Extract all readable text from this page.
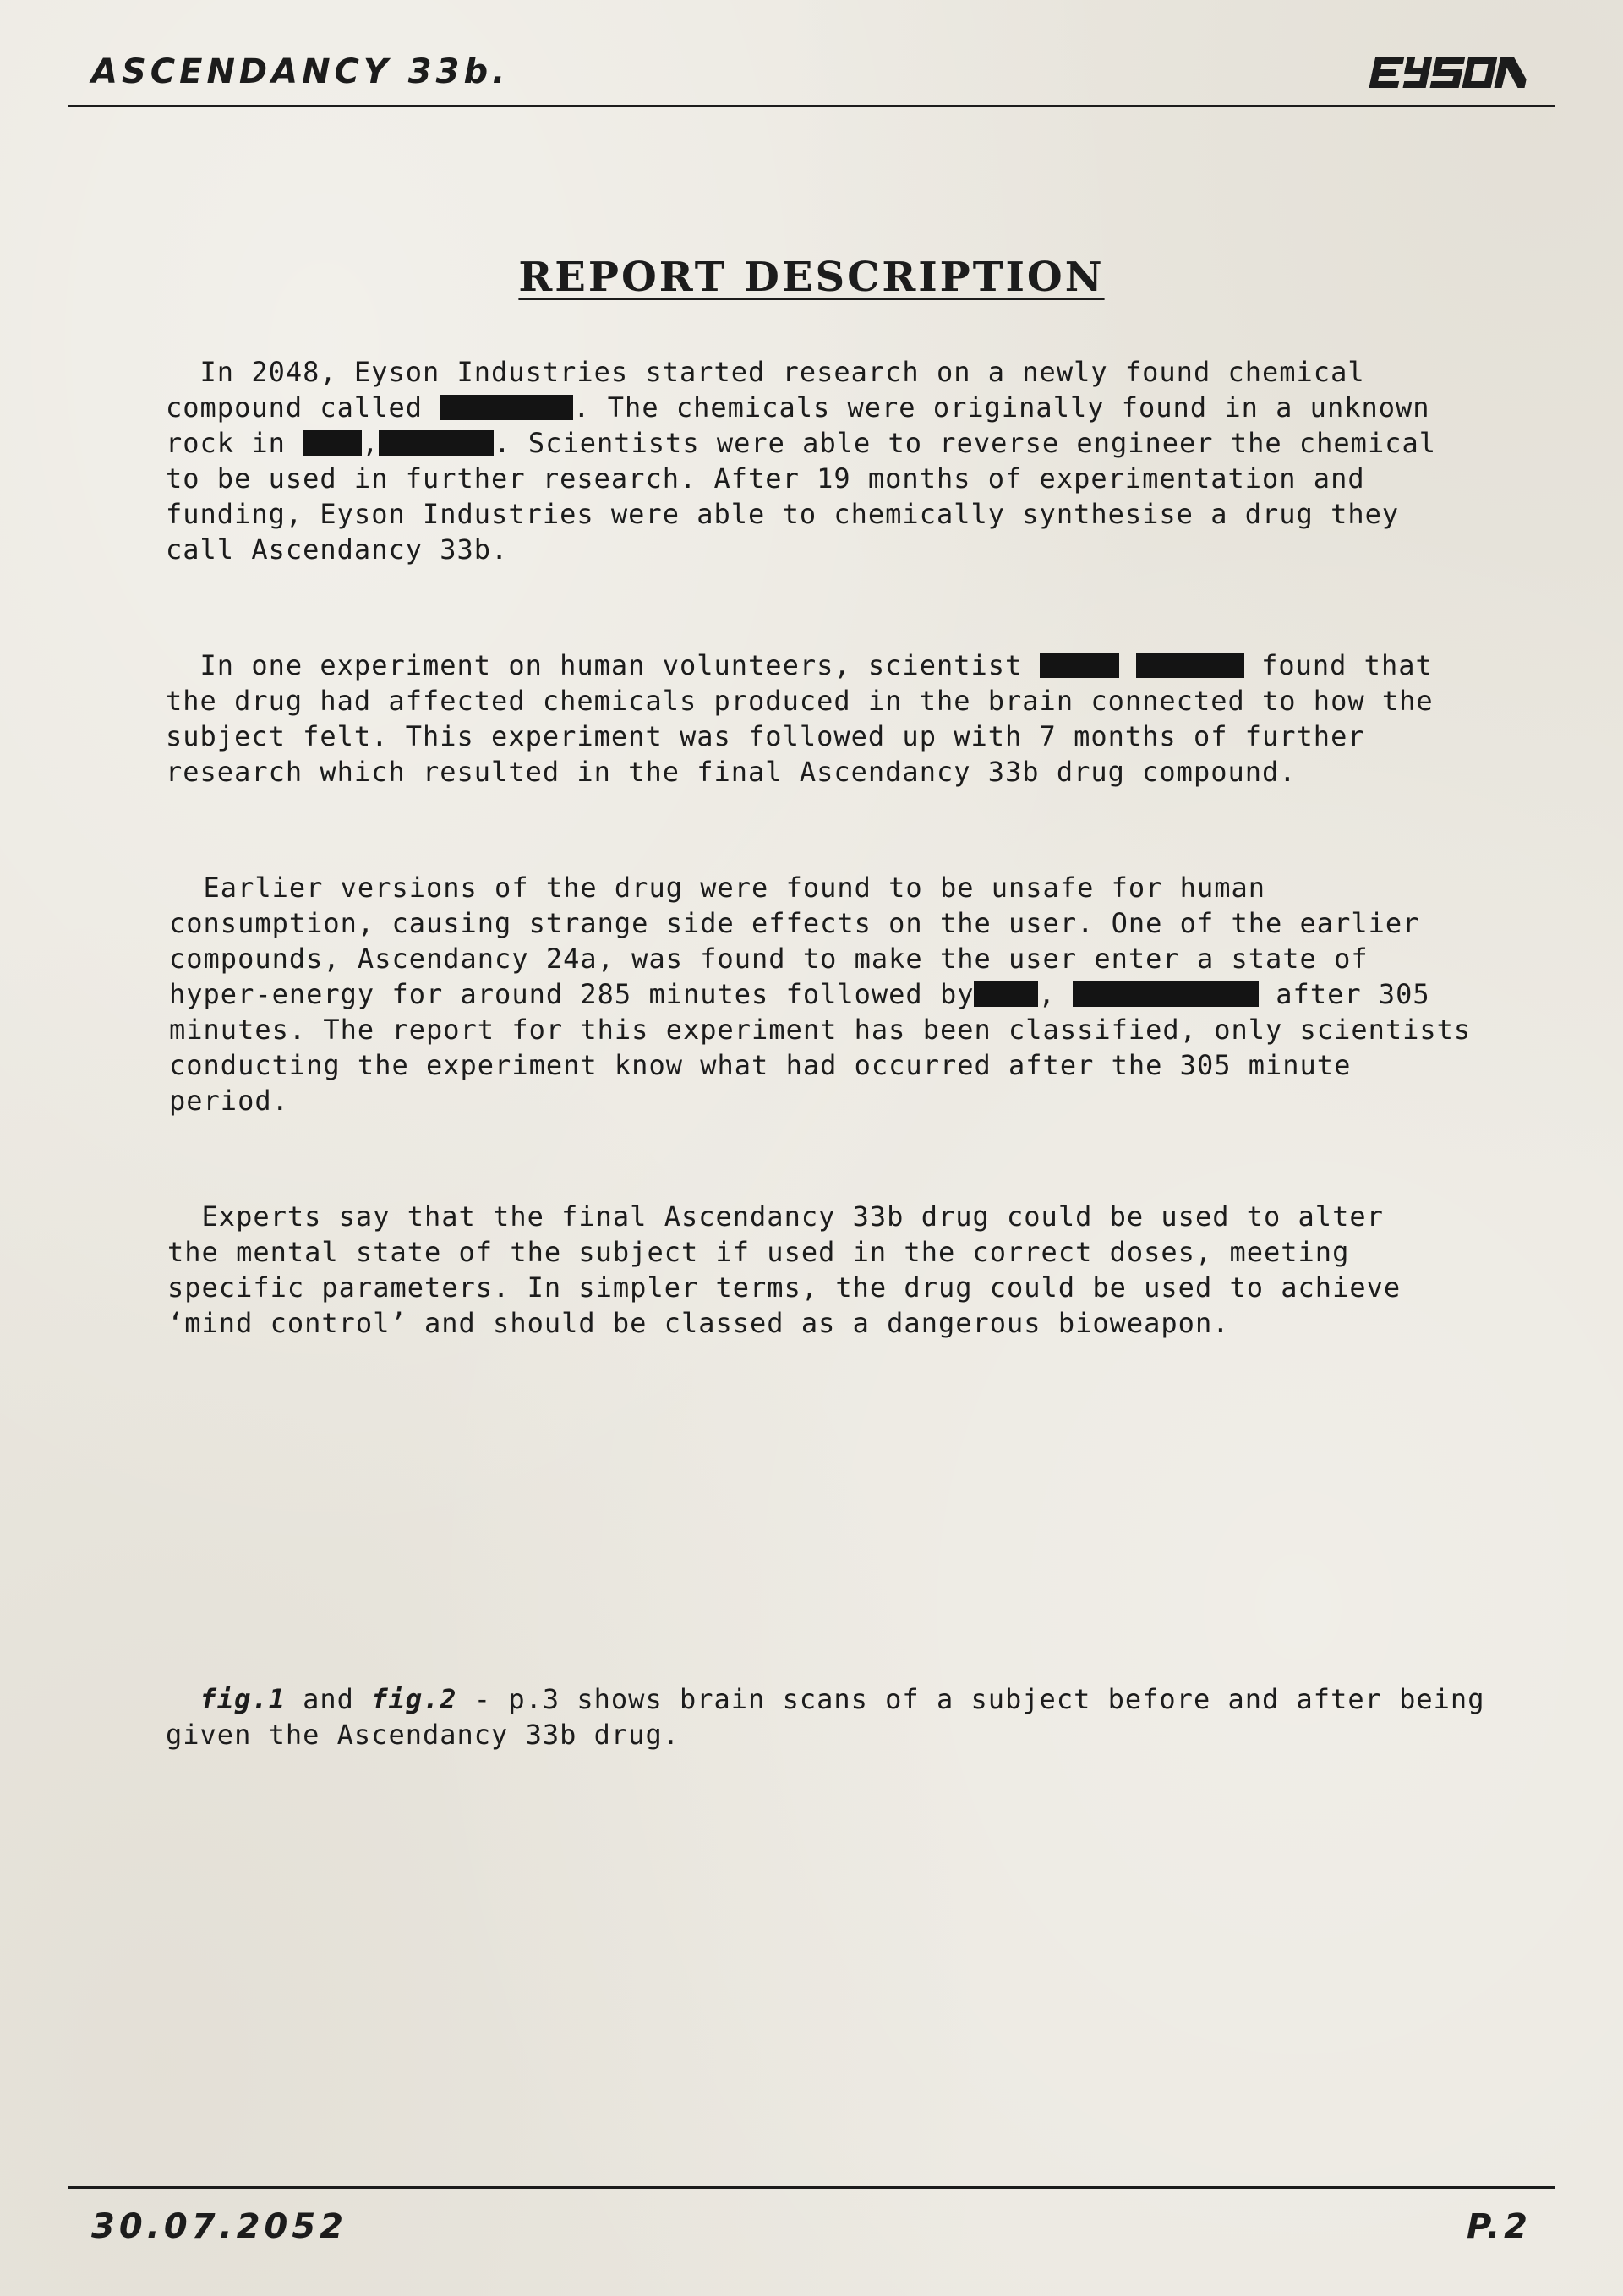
ASCENDANCY 33b.
REPORT DESCRIPTION
In 2048, Eyson Industries started research on a newly found chemical
compound called	. The chemicals were originally found in a unknown
rock in ,	. Scientists were able to reverse engineer the chemical
to be used in further research. After 19 months of experimentation and
funding, Eyson Industries were able to chemically synthesise a drug they
call Ascendancy 33b.
In one experiment on human volunteers, scientist	found that
the drug had affected chemicals produced in the brain connected to how the
subject felt. This experiment was followed up with 7 months of further
research which resulted in the final Ascendancy 33b drug compound.
Earlier versions of the drug were found to be unsafe for human
consumption, causing strange side effects on the user. One of the earlier
compounds, Ascendancy 24a, was found to make the user enter a state of
hyper-energy for around 285 minutes followed by ,	after 305
minutes. The report for this experiment has been classified, only scientists
conducting the experiment know what had occurred after the 305 minute
period.
Experts say that the final Ascendancy 33b drug could be used to alter
the mental state of the subject if used in the correct doses, meeting
specific parameters. In simpler terms, the drug could be used to achieve
‘mind control’ and should be classed as a dangerous bioweapon.
fig.1 and fig.2 - p.3 shows brain scans of a subject before and after being
given the Ascendancy 33b drug.
30.07.2052	P.2
